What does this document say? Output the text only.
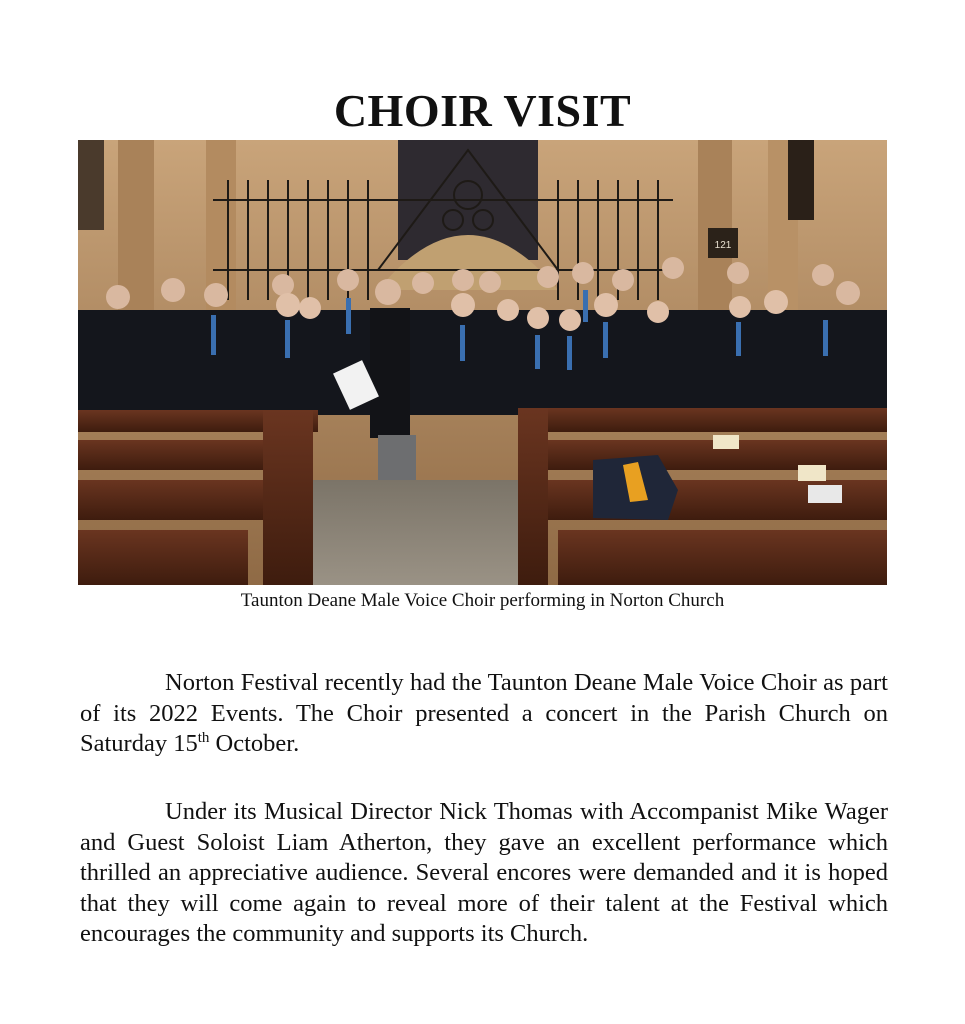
CHOIR VISIT
121
Taunton Deane Male Voice Choir performing in Norton Church

Norton Festival recently had the Taunton Deane Male Voice Choir as part of its 2022 Events. The Choir presented a concert in the Parish Church on Saturday 15th October.

Under its Musical Director Nick Thomas with Accompanist Mike Wager and Guest Soloist Liam Atherton, they gave an excellent performance which thrilled an appreciative audience. Several encores were demanded and it is hoped that they will come again to reveal more of their talent at the Festival which encourages the community and supports its Church.
